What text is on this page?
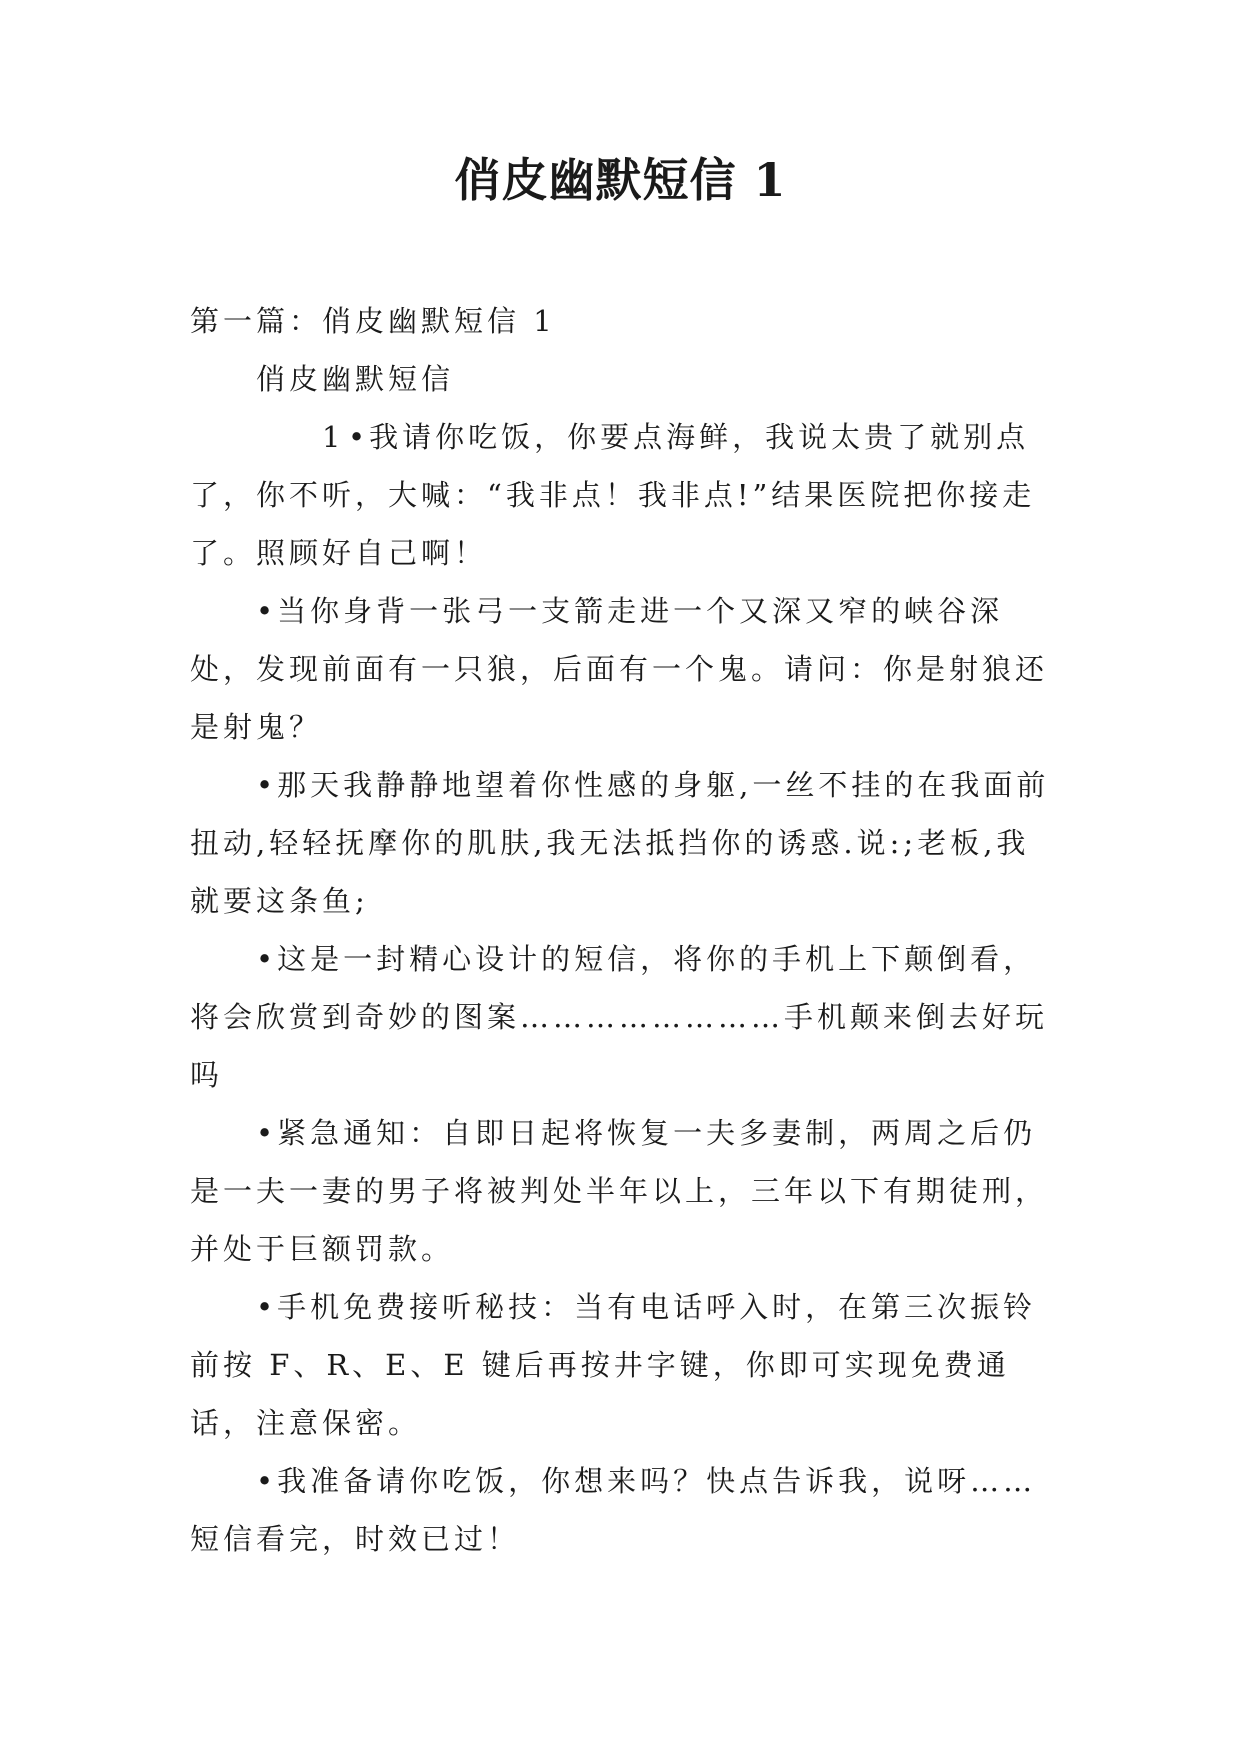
俏皮幽默短信 1

第一篇：俏皮幽默短信 1

俏皮幽默短信

1 •我请你吃饭，你要点海鲜，我说太贵了就别点了，你不听，大喊：“我非点！我非点!”结果医院把你接走了。照顾好自己啊！

•当你身背一张弓一支箭走进一个又深又窄的峡谷深处，发现前面有一只狼，后面有一个鬼。请问：你是射狼还是射鬼？

•那天我静静地望着你性感的身躯,一丝不挂的在我面前扭动,轻轻抚摩你的肌肤,我无法抵挡你的诱惑.说:;老板,我就要这条鱼;

•这是一封精心设计的短信，将你的手机上下颠倒看，将会欣赏到奇妙的图案……………………手机颠来倒去好玩吗

•紧急通知：自即日起将恢复一夫多妻制，两周之后仍是一夫一妻的男子将被判处半年以上，三年以下有期徒刑，并处于巨额罚款。

•手机免费接听秘技：当有电话呼入时，在第三次振铃前按 F、R、E、E 键后再按井字键，你即可实现免费通话，注意保密。

•我准备请你吃饭，你想来吗？快点告诉我，说呀……短信看完，时效已过！
